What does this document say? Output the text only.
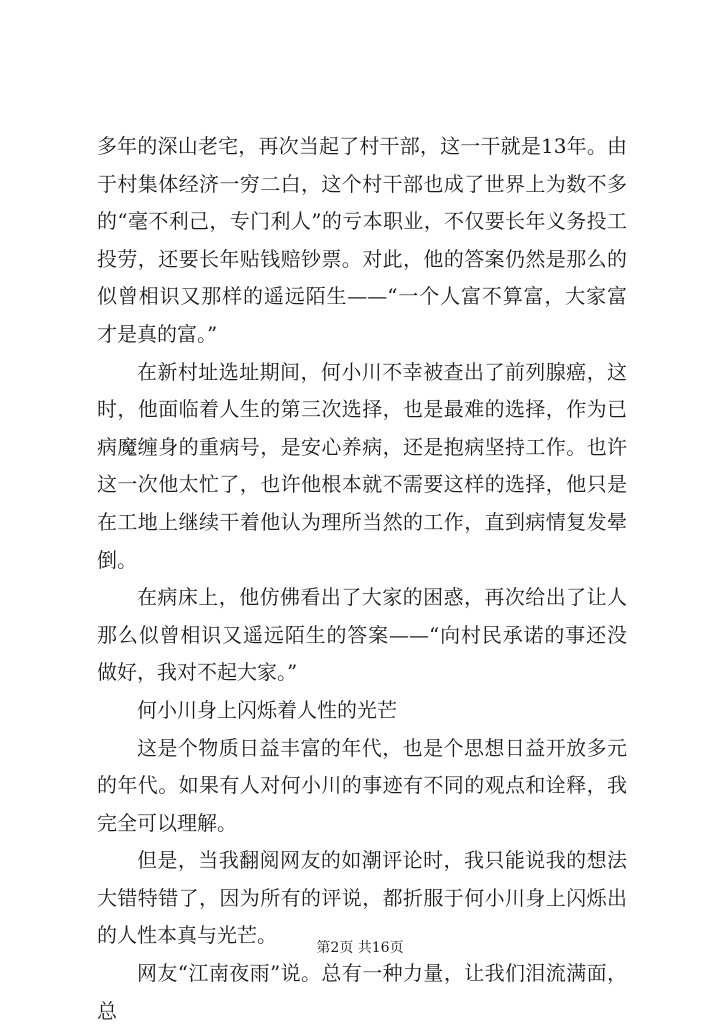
多年的深山老宅，再次当起了村干部，这一干就是13年。由于村集体经济一穷二白，这个村干部也成了世界上为数不多的“毫不利己，专门利人”的亏本职业，不仅要长年义务投工投劳，还要长年贴钱赔钞票。对此，他的答案仍然是那么的似曾相识又那样的遥远陌生——“一个人富不算富，大家富才是真的富。”

在新村址选址期间，何小川不幸被查出了前列腺癌，这时，他面临着人生的第三次选择，也是最难的选择，作为已病魔缠身的重病号，是安心养病，还是抱病坚持工作。也许这一次他太忙了，也许他根本就不需要这样的选择，他只是在工地上继续干着他认为理所当然的工作，直到病情复发晕倒。

在病床上，他仿佛看出了大家的困惑，再次给出了让人那么似曾相识又遥远陌生的答案——“向村民承诺的事还没做好，我对不起大家。”

何小川身上闪烁着人性的光芒

这是个物质日益丰富的年代，也是个思想日益开放多元的年代。如果有人对何小川的事迹有不同的观点和诠释，我完全可以理解。

但是，当我翻阅网友的如潮评论时，我只能说我的想法大错特错了，因为所有的评说，都折服于何小川身上闪烁出的人性本真与光芒。

网友“江南夜雨”说。总有一种力量，让我们泪流满面，总

第2页 共16页
